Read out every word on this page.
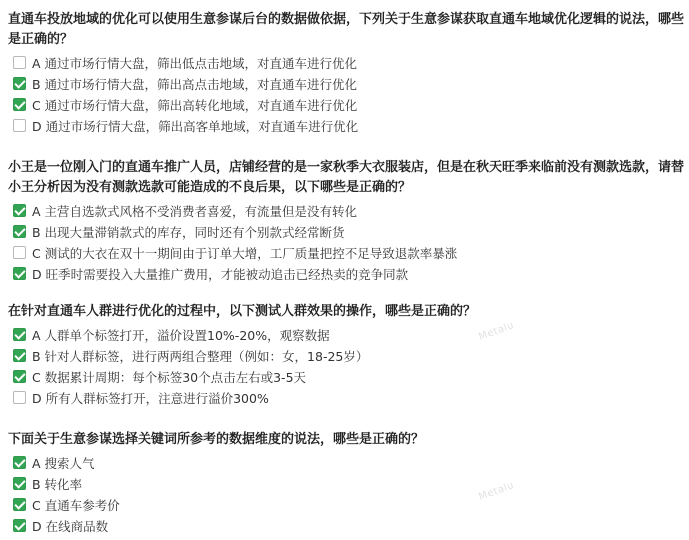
直通车投放地域的优化可以使用生意参谋后台的数据做依据，下列关于生意参谋获取直通车地域优化逻辑的说法，哪些是正确的？
A 通过市场行情大盘，筛出低点击地域，对直通车进行优化
B 通过市场行情大盘，筛出高点击地域，对直通车进行优化
C 通过市场行情大盘，筛出高转化地域，对直通车进行优化
D 通过市场行情大盘，筛出高客单地域，对直通车进行优化
小王是一位刚入门的直通车推广人员，店铺经营的是一家秋季大衣服装店，但是在秋天旺季来临前没有测款选款，请替小王分析因为没有测款选款可能造成的不良后果，以下哪些是正确的？
A 主营自选款式风格不受消费者喜爱，有流量但是没有转化
B 出现大量滞销款式的库存，同时还有个别款式经常断货
C 测试的大衣在双十一期间由于订单大增，工厂质量把控不足导致退款率暴涨
D 旺季时需要投入大量推广费用，才能被动追击已经热卖的竞争同款
在针对直通车人群进行优化的过程中，以下测试人群效果的操作，哪些是正确的？
A 人群单个标签打开，溢价设置10%-20%，观察数据
B 针对人群标签，进行两两组合整理（例如：女，18-25岁）
C 数据累计周期：每个标签30个点击左右或3-5天
D 所有人群标签打开，注意进行溢价300%
下面关于生意参谋选择关键词所参考的数据维度的说法，哪些是正确的？
A 搜索人气
B 转化率
C 直通车参考价
D 在线商品数
Metalu
Metalu
